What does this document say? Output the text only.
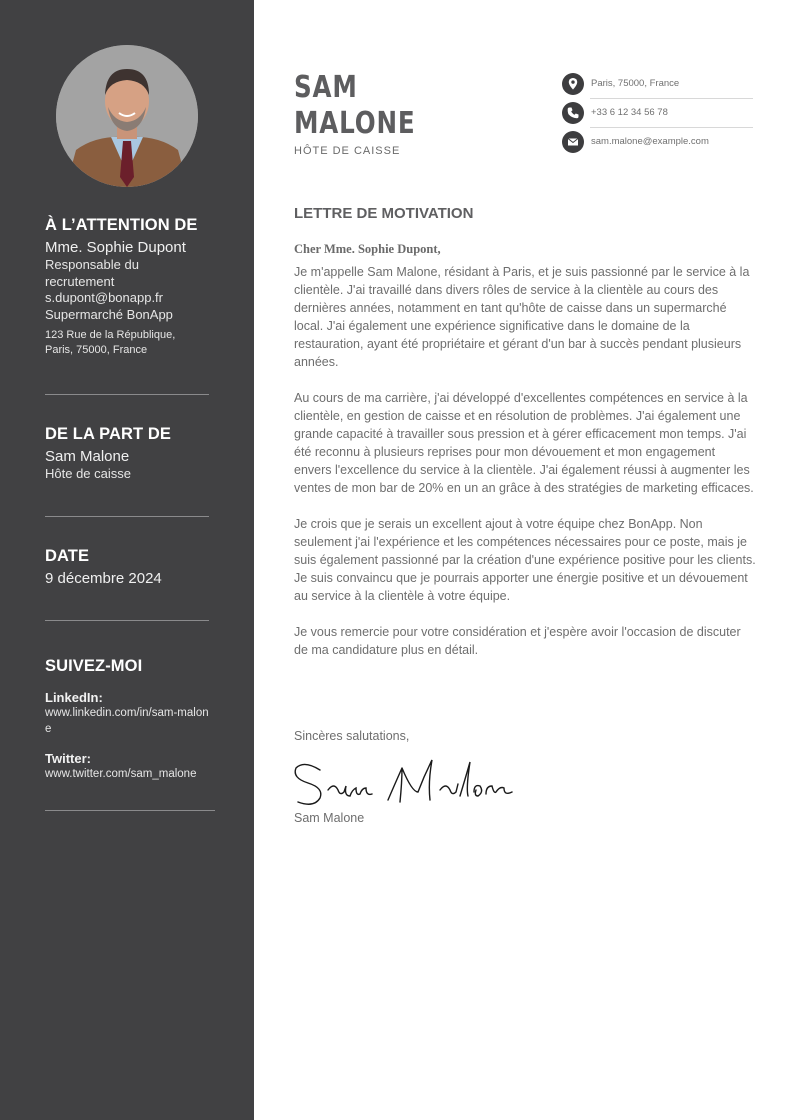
À L’ATTENTION DE

Mme. Sophie Dupont

Responsable du recrutement

s.dupont@bonapp.fr

Supermarché BonApp

123 Rue de la République,

Paris, 75000, France

DE LA PART DE

Sam Malone

Hôte de caisse

DATE

9 décembre 2024

SUIVEZ-MOI

LinkedIn:

www.linkedin.com/in/sam-malone

Twitter:

www.twitter.com/sam_malone

SAM
MALONE
HÔTE DE CAISSE
Paris, 75000, France
+33 6 12 34 56 78
sam.malone@example.com
LETTRE DE MOTIVATION
Cher Mme. Sophie Dupont,

Je m'appelle Sam Malone, résidant à Paris, et je suis passionné par le service à la clientèle. J'ai travaillé dans divers rôles de service à la clientèle au cours des dernières années, notamment en tant qu'hôte de caisse dans un supermarché local. J'ai également une expérience significative dans le domaine de la restauration, ayant été propriétaire et gérant d'un bar à succès pendant plusieurs années.

Au cours de ma carrière, j'ai développé d'excellentes compétences en service à la clientèle, en gestion de caisse et en résolution de problèmes. J'ai également une grande capacité à travailler sous pression et à gérer efficacement mon temps. J'ai été reconnu à plusieurs reprises pour mon dévouement et mon engagement envers l'excellence du service à la clientèle. J'ai également réussi à augmenter les ventes de mon bar de 20% en un an grâce à des stratégies de marketing efficaces.

Je crois que je serais un excellent ajout à votre équipe chez BonApp. Non seulement j'ai l'expérience et les compétences nécessaires pour ce poste, mais je suis également passionné par la création d'une expérience positive pour les clients. Je suis convaincu que je pourrais apporter une énergie positive et un dévouement au service à la clientèle à votre équipe.

Je vous remercie pour votre considération et j'espère avoir l'occasion de discuter de ma candidature plus en détail.

Sincères salutations,
Sam Malone
